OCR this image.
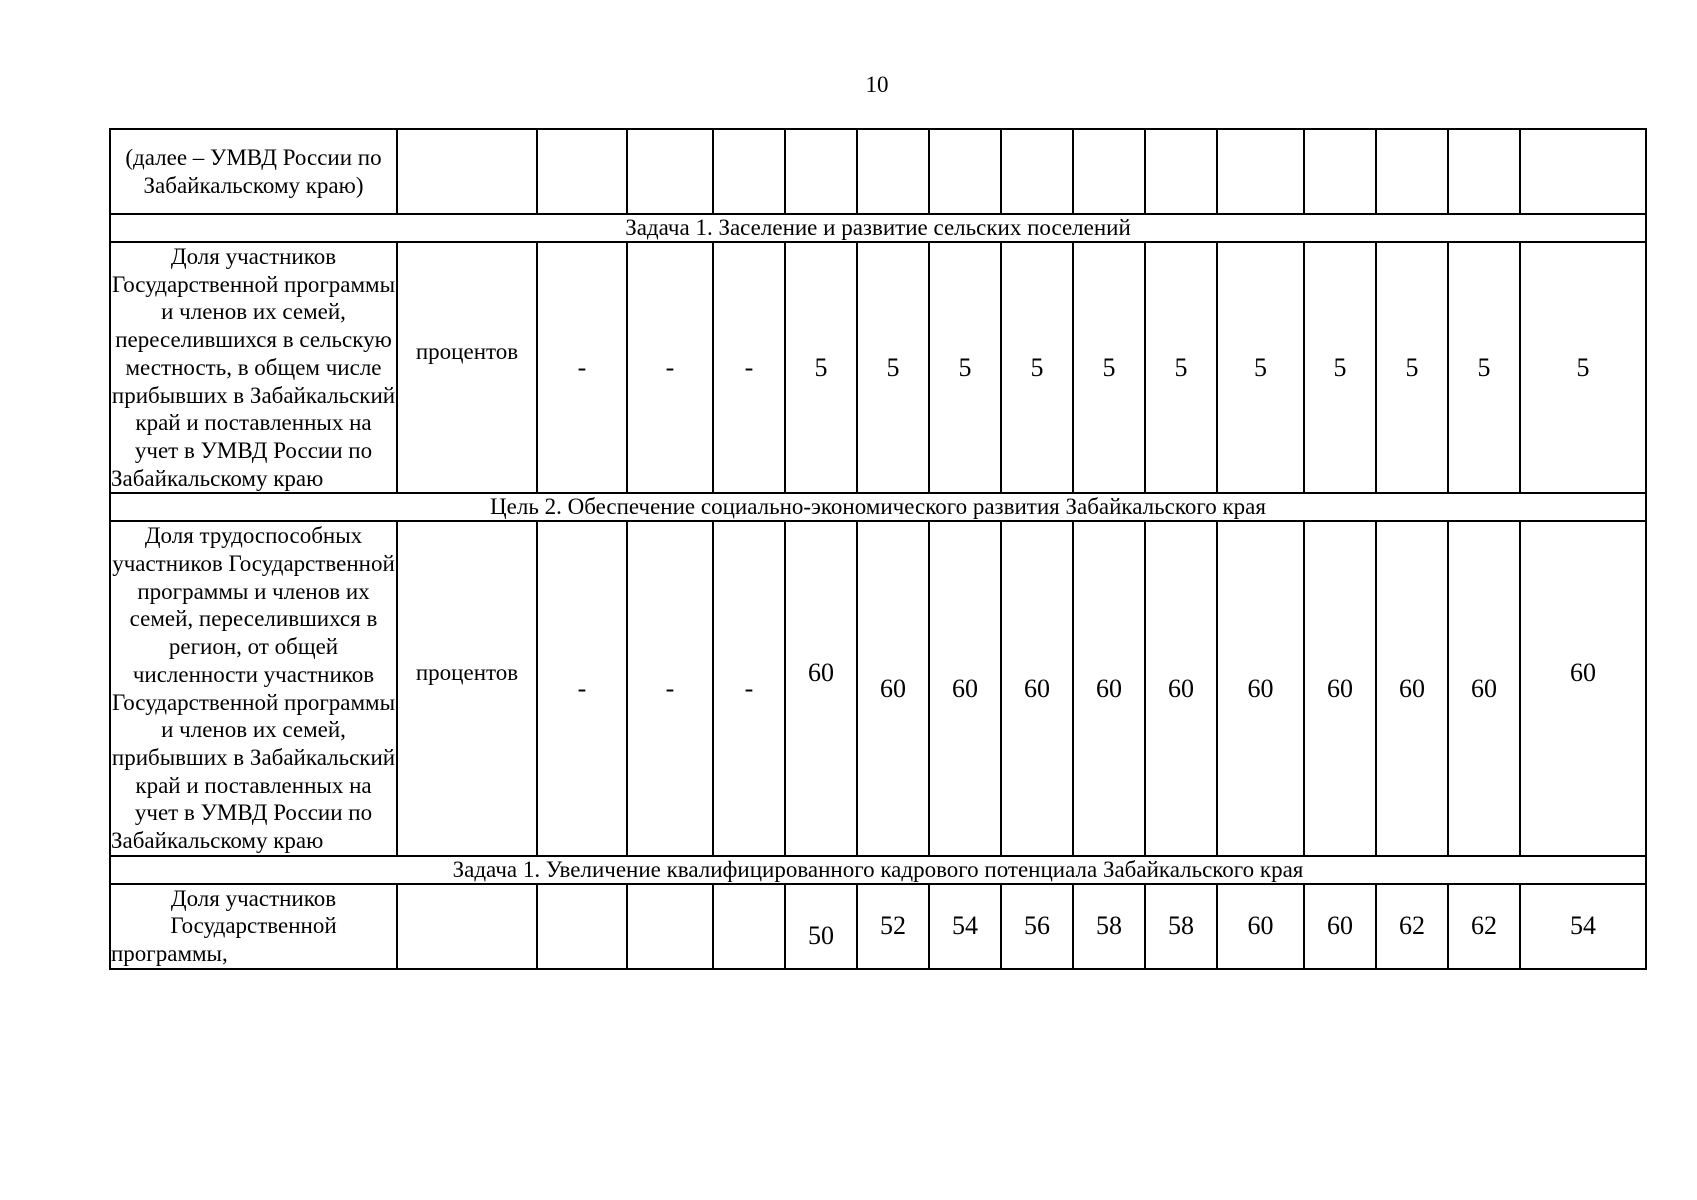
10
(далее – УМВД России по Забайкальскому краю)															
Задача 1. Заселение и развитие сельских поселений															
Доля участников Государственной программы и членов их семей, переселившихся в сельскую местность, в общем числе прибывших в Забайкальский край и поставленных на учет в УМВД России по Забайкальскому краю	процентов	-	-	-	5	5	5	5	5	5	5	5	5	5	5
Цель 2. Обеспечение социально-экономического развития Забайкальского края															
Доля трудоспособных участников Государственной программы и членов их семей, переселившихся в регион, от общей численности участников Государственной программы и членов их семей, прибывших в Забайкальский край и поставленных на учет в УМВД России по Забайкальскому краю	процентов	-	-	-	60	60	60	60	60	60	60	60	60	60	60
Задача 1. Увеличение квалифицированного кадрового потенциала Забайкальского края															
Доля участников Государственной программы,					50	52	54	56	58	58	60	60	62	62	54
